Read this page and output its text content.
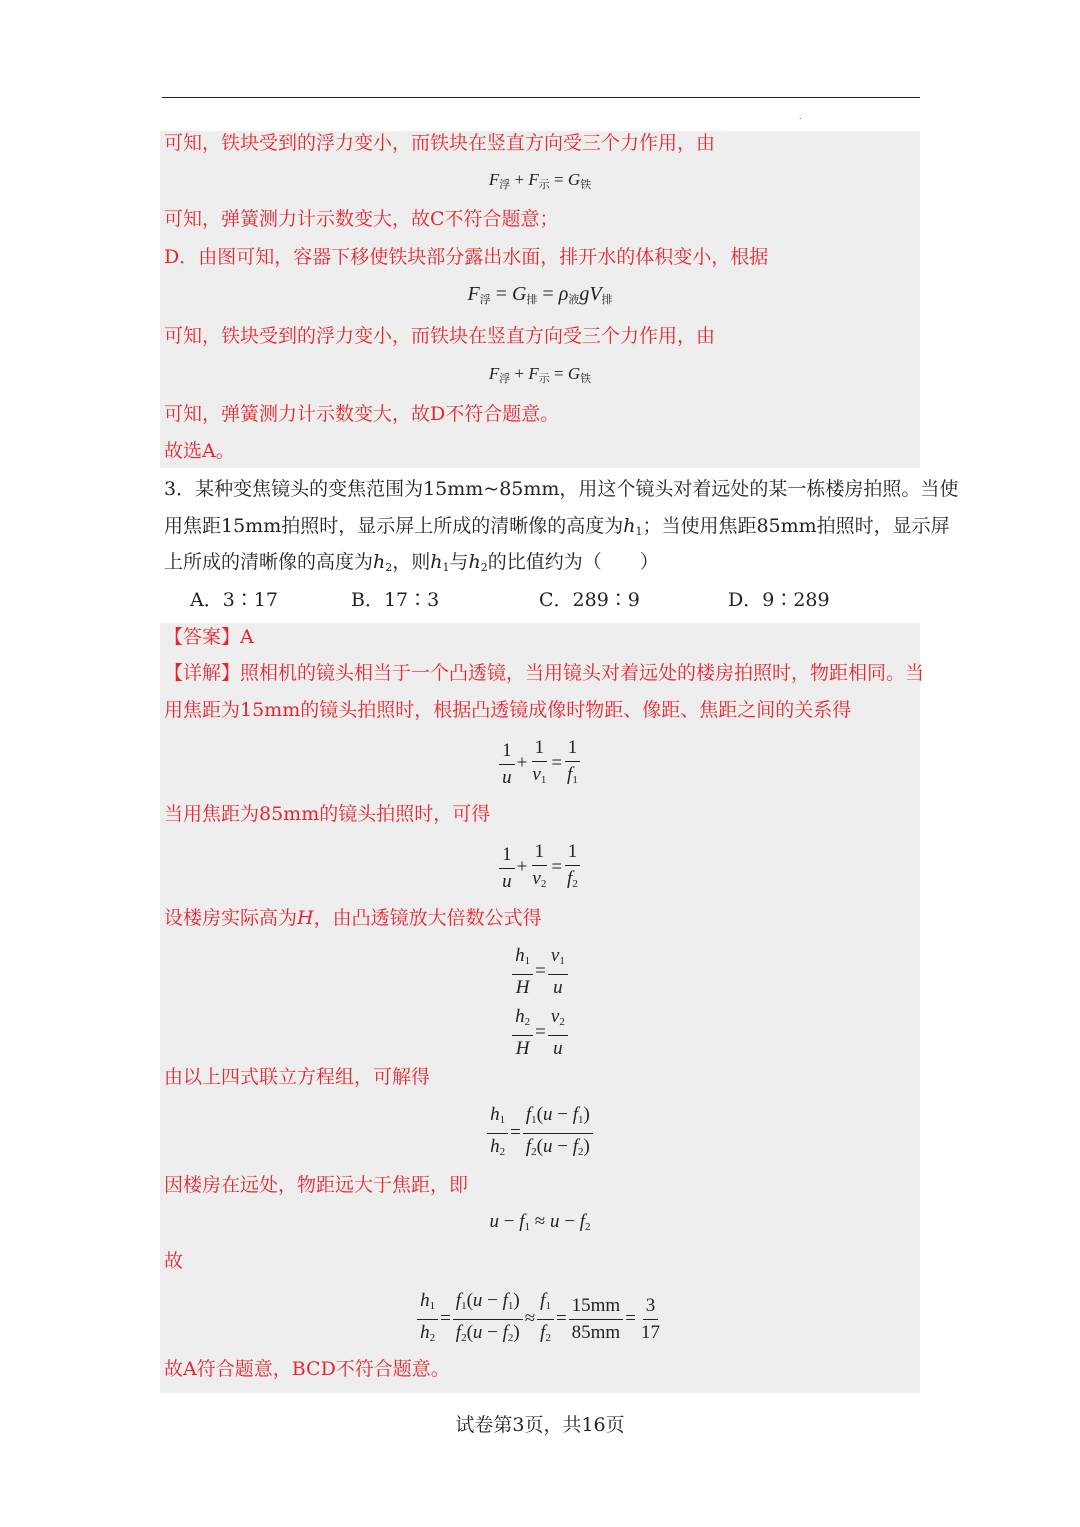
.
可知，铁块受到的浮力变小，而铁块在竖直方向受三个力作用，由
$F_浮 + F_示 = G_铁$
可知，弹簧测力计示数变大，故C不符合题意；
D．由图可知，容器下移使铁块部分露出水面，排开水的体积变小，根据
$F_浮 = G_排 = \rho_液gV_排$
可知，铁块受到的浮力变小，而铁块在竖直方向受三个力作用，由
$F_浮 + F_示 = G_铁$
可知，弹簧测力计示数变大，故D不符合题意。
故选A。
3．某种变焦镜头的变焦范围为15mm~85mm，用这个镜头对着远处的某一栋楼房拍照。当使
用焦距15mm拍照时，显示屏上所成的清晰像的高度为$h_1$；当使用焦距85mm拍照时，显示屏
上所成的清晰像的高度为$h_2$，则$h_1$与$h_2$的比值约为（　　）
A．3∶17	B．17∶3	C．289∶9	D．9∶289
【答案】A
【详解】照相机的镜头相当于一个凸透镜，当用镜头对着远处的楼房拍照时，物距相同。当
用焦距为15mm的镜头拍照时，根据凸透镜成像时物距、像距、焦距之间的关系得
$\frac{1}{u} + \frac{1}{v_1} = \frac{1}{f_1}$
当用焦距为85mm的镜头拍照时，可得
$\frac{1}{u} + \frac{1}{v_2} = \frac{1}{f_2}$
设楼房实际高为H，由凸透镜放大倍数公式得
$\frac{h_1}{H} = \frac{v_1}{u}$
$\frac{h_2}{H} = \frac{v_2}{u}$
由以上四式联立方程组，可解得
$\frac{h_1}{h_2} = \frac{f_1(u - f_1)}{f_2(u - f_2)}$
因楼房在远处，物距远大于焦距，即
$u - f_1 \approx u - f_2$
故
$\frac{h_1}{h_2} = \frac{f_1(u - f_1)}{f_2(u - f_2)} \approx \frac{f_1}{f_2} = \frac{15mm}{85mm} = \frac{3}{17}$
故A符合题意，BCD不符合题意。
试卷第3页，共16页
